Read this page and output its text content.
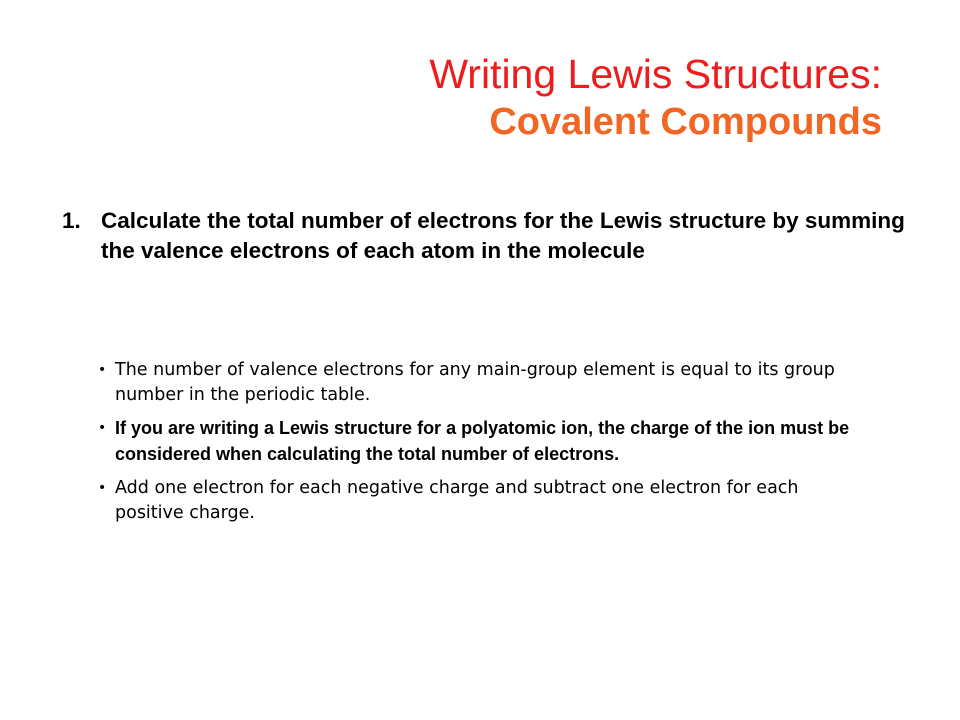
Writing Lewis Structures:
Covalent Compounds
1. Calculate the total number of electrons for the Lewis structure by summing the valence electrons of each atom in the molecule
• The number of valence electrons for any main-group element is equal to its group number in the periodic table.
• If you are writing a Lewis structure for a polyatomic ion, the charge of the ion must be considered when calculating the total number of electrons.
• Add one electron for each negative charge and subtract one electron for each positive charge.
